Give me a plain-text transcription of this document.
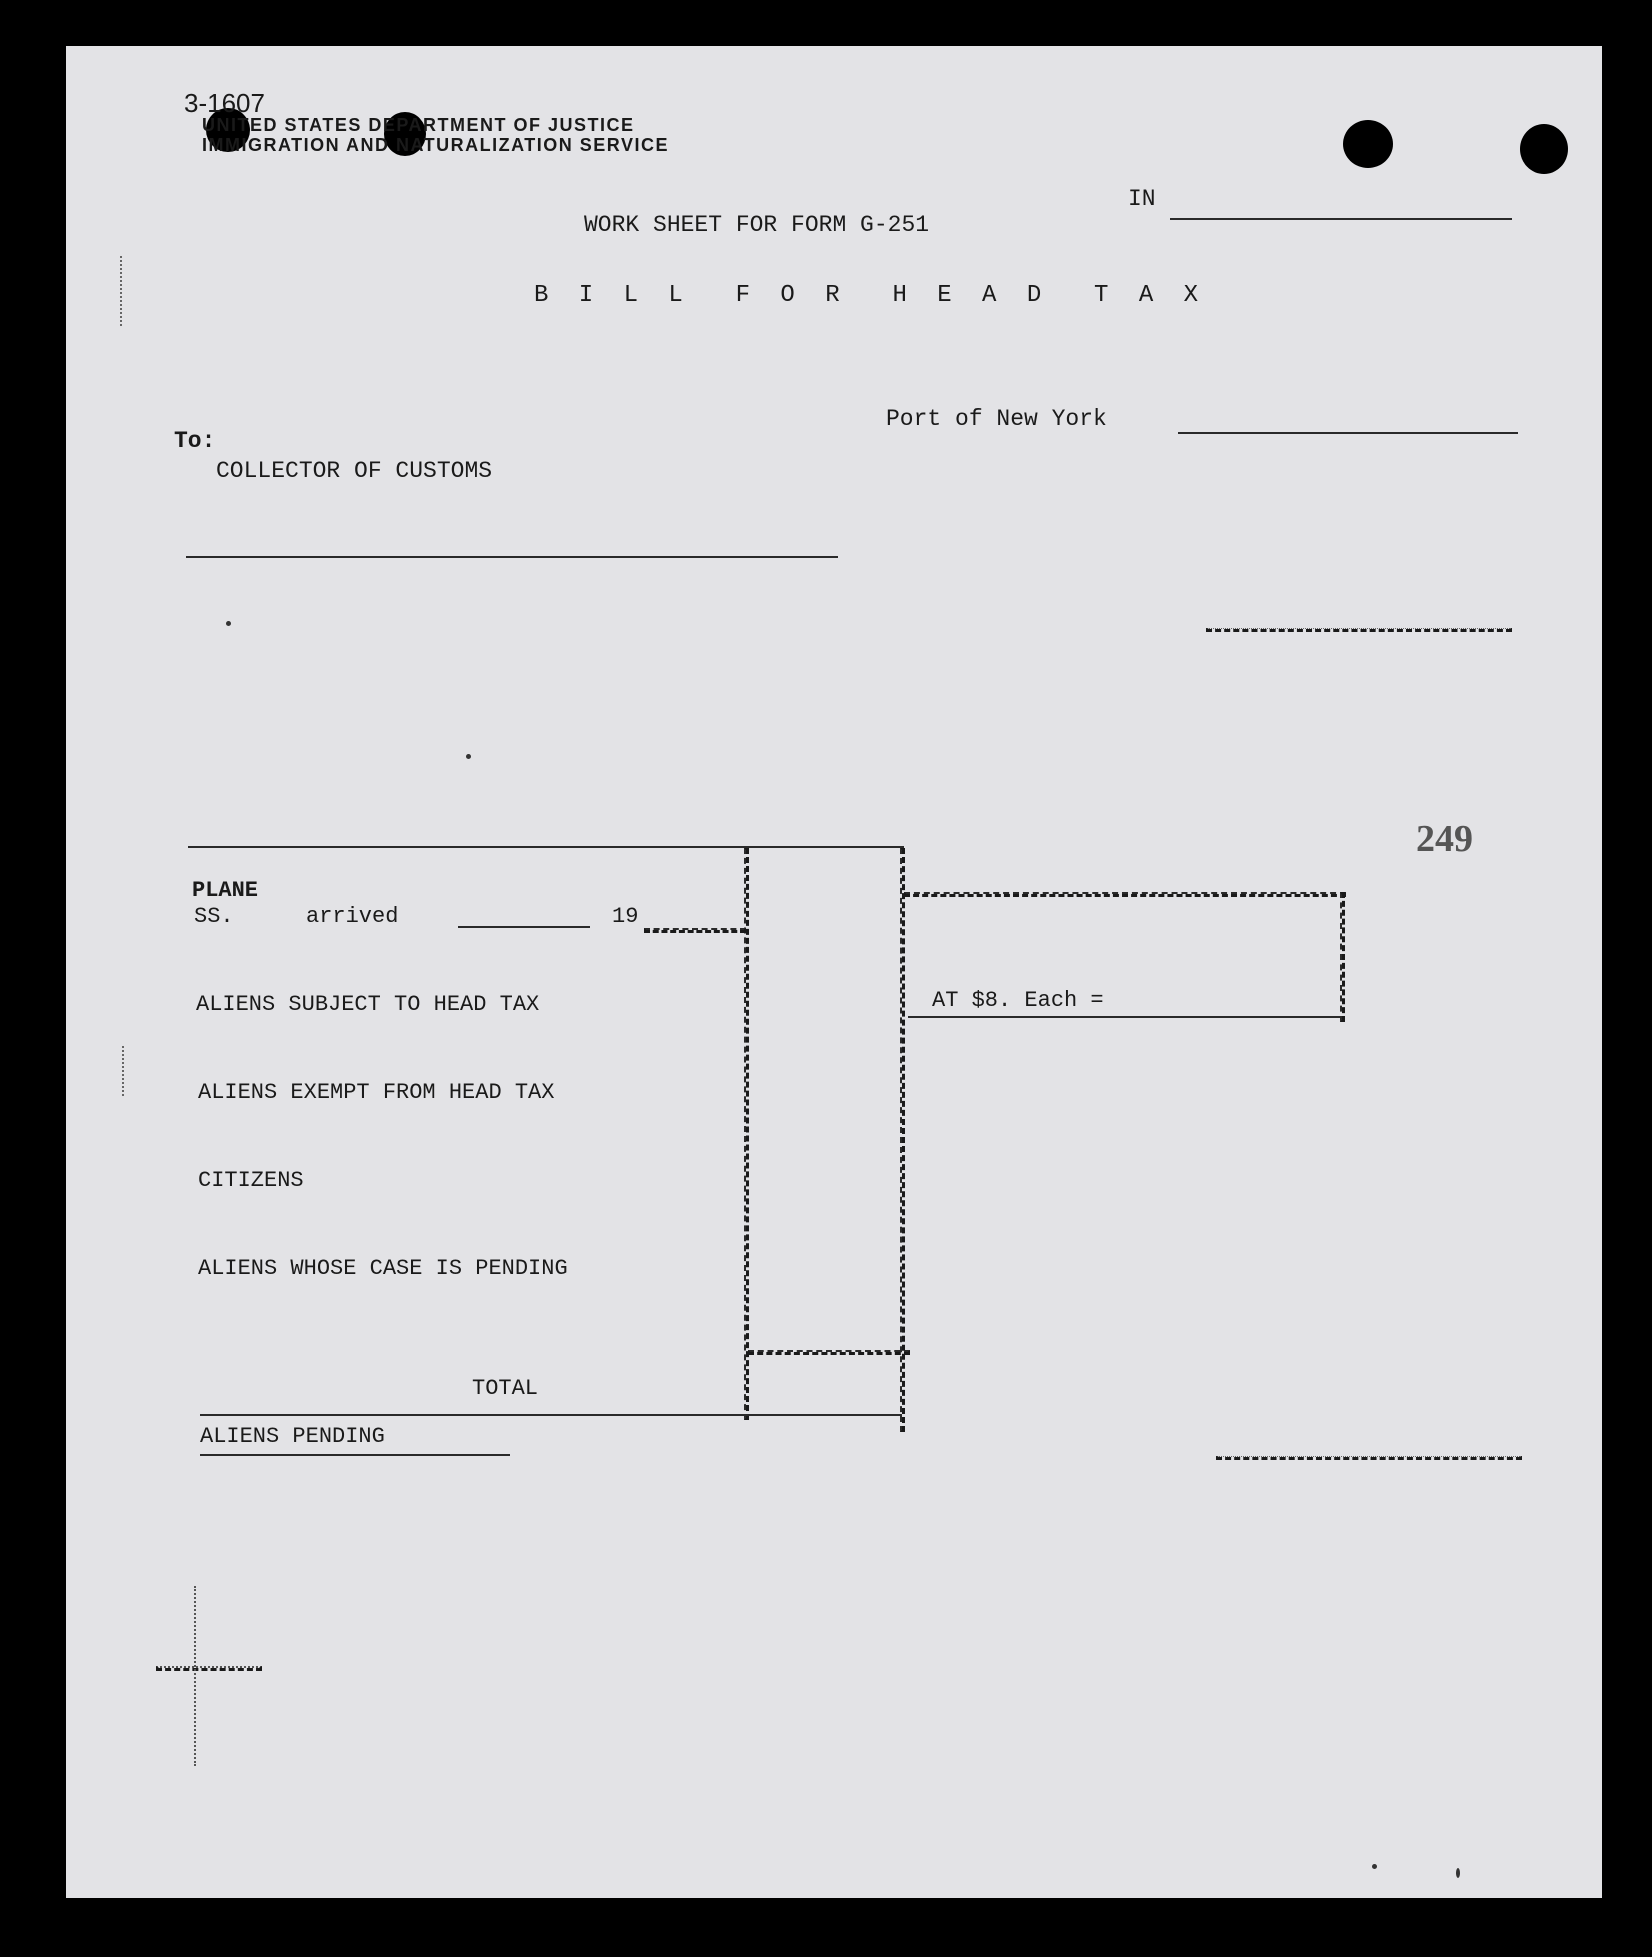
3-1607
UNITED STATES DEPARTMENT OF JUSTICE
IMMIGRATION AND NATURALIZATION SERVICE
IN
WORK SHEET FOR FORM G-251
B I L L  F O R  H E A D  T A X
Port of New York
To:
COLLECTOR OF CUSTOMS
249
AT $8. Each =
PLANE
SS.	arrived	19
ALIENS SUBJECT TO HEAD TAX
ALIENS EXEMPT FROM HEAD TAX
CITIZENS
ALIENS WHOSE CASE IS PENDING
TOTAL
ALIENS PENDING
